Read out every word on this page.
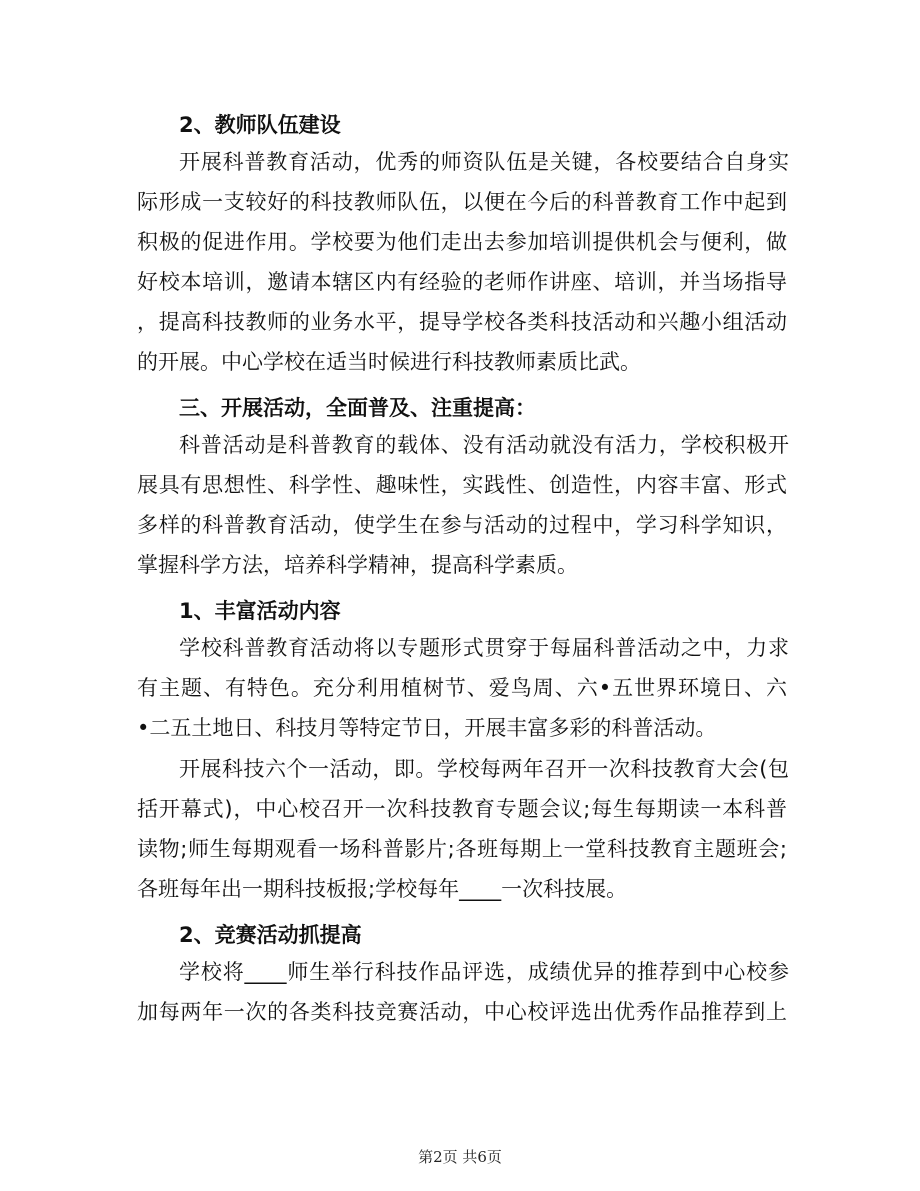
2、教师队伍建设
开展科普教育活动，优秀的师资队伍是关键，各校要结合自身实
际形成一支较好的科技教师队伍，以便在今后的科普教育工作中起到
积极的促进作用。学校要为他们走出去参加培训提供机会与便利，做
好校本培训，邀请本辖区内有经验的老师作讲座、培训，并当场指导
，提高科技教师的业务水平，提导学校各类科技活动和兴趣小组活动
的开展。中心学校在适当时候进行科技教师素质比武。
三、开展活动，全面普及、注重提高：
科普活动是科普教育的载体、没有活动就没有活力，学校积极开
展具有思想性、科学性、趣味性，实践性、创造性，内容丰富、形式
多样的科普教育活动，使学生在参与活动的过程中，学习科学知识，
掌握科学方法，培养科学精神，提高科学素质。
1、丰富活动内容
学校科普教育活动将以专题形式贯穿于每届科普活动之中，力求
有主题、有特色。充分利用植树节、爱鸟周、六•五世界环境日、六
•二五土地日、科技月等特定节日，开展丰富多彩的科普活动。
开展科技六个一活动，即。学校每两年召开一次科技教育大会(包
括开幕式)，中心校召开一次科技教育专题会议;每生每期读一本科普
读物;师生每期观看一场科普影片;各班每期上一堂科技教育主题班会;
各班每年出一期科技板报;学校每年____一次科技展。
2、竞赛活动抓提高
学校将____师生举行科技作品评选，成绩优异的推荐到中心校参
加每两年一次的各类科技竞赛活动，中心校评选出优秀作品推荐到上
第2页 共6页
